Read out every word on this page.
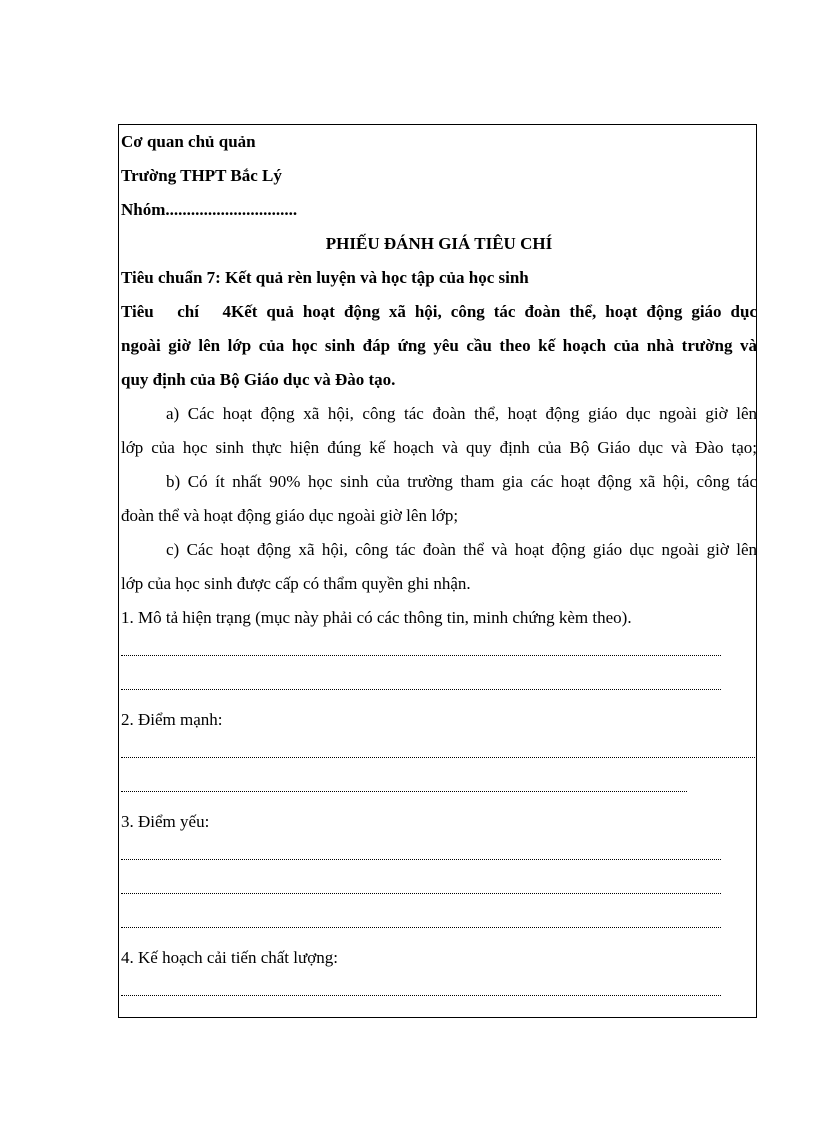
Cơ quan chủ quản
Trường THPT Bắc Lý
Nhóm...............................
PHIẾU ĐÁNH GIÁ TIÊU CHÍ
Tiêu chuẩn 7: Kết quả rèn luyện và học tập của học sinh
Tiêu chí 4Kết quả hoạt động xã hội, công tác đoàn thể, hoạt động giáo dục
ngoài giờ lên lớp của học sinh đáp ứng yêu cầu theo kế hoạch của nhà trường và
quy định của Bộ Giáo dục và Đào tạo.
a) Các hoạt động xã hội, công tác đoàn thể, hoạt động giáo dục ngoài giờ lên
lớp của học sinh thực hiện đúng kế hoạch và quy định của Bộ Giáo dục và Đào tạo;
b) Có ít nhất 90% học sinh của trường tham gia các hoạt động xã hội, công tác
đoàn thể và hoạt động giáo dục ngoài giờ lên lớp;
c) Các hoạt động xã hội, công tác đoàn thể và hoạt động giáo dục ngoài giờ lên
lớp của học sinh được cấp có thẩm quyền ghi nhận.
1. Mô tả hiện trạng (mục này phải có các thông tin, minh chứng kèm theo).
2. Điểm mạnh:
3. Điểm yếu:
4. Kế hoạch cải tiến chất lượng:
